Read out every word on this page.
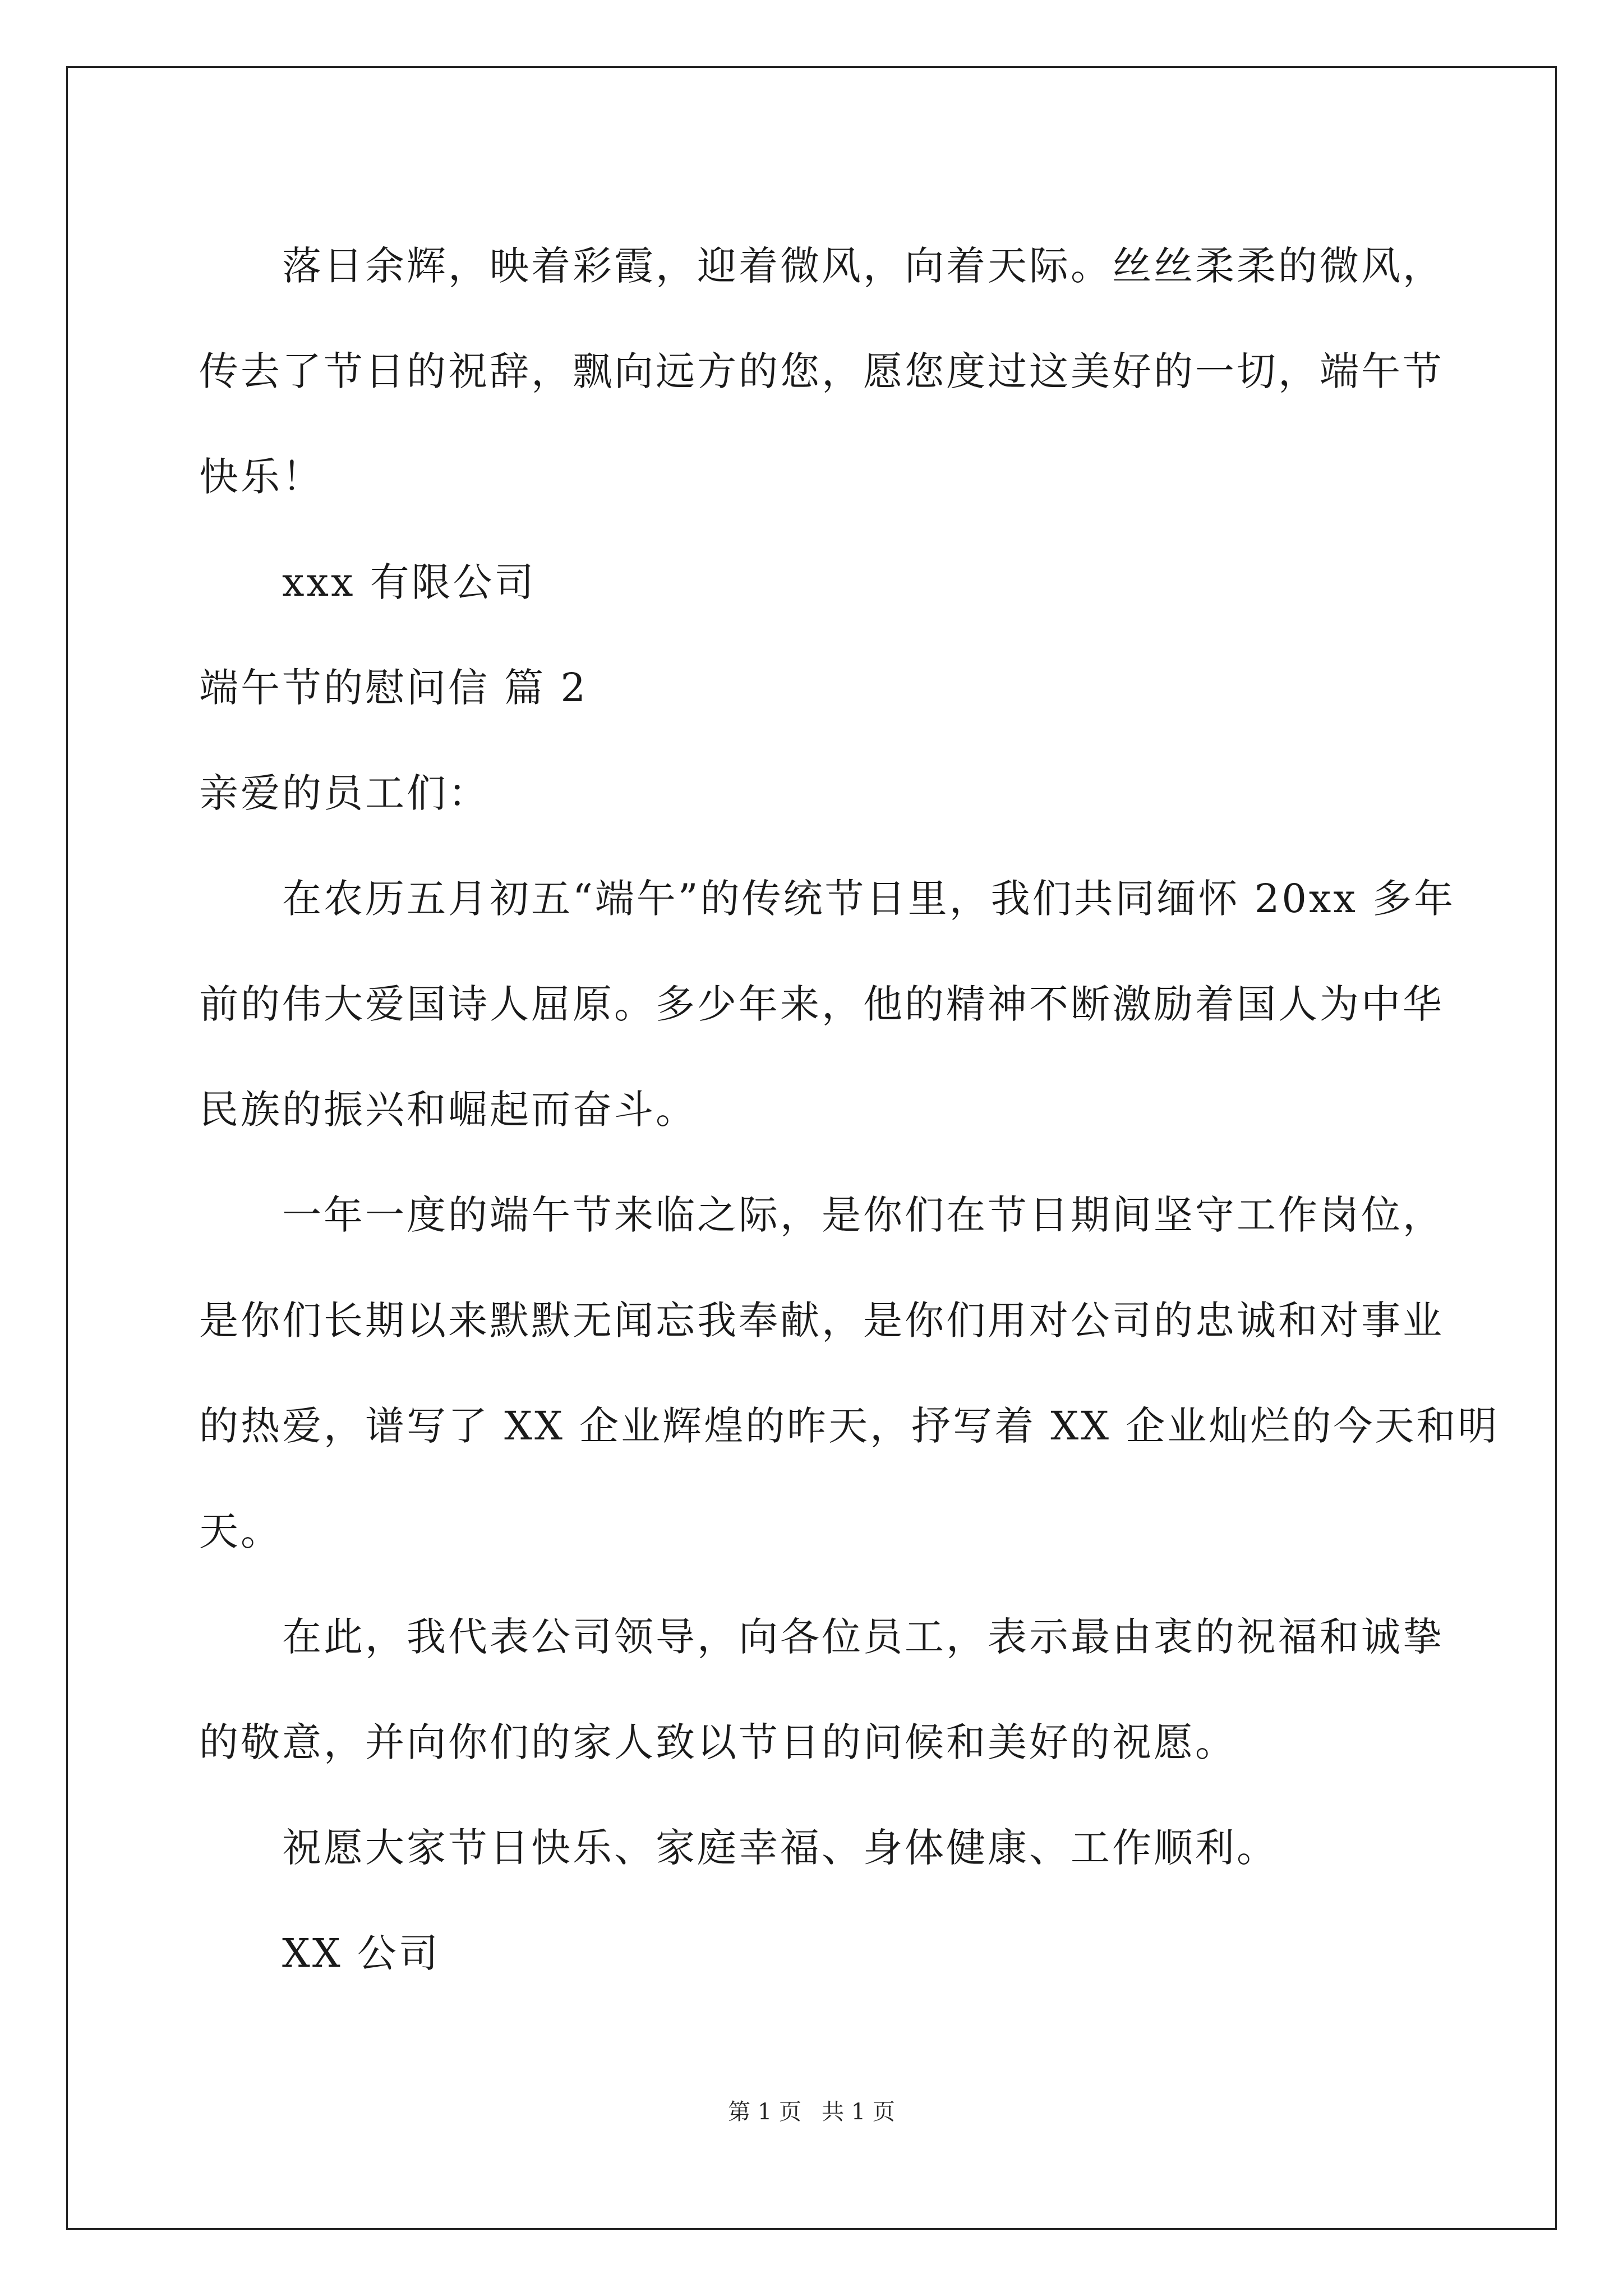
落日余辉，映着彩霞，迎着微风，向着天际。丝丝柔柔的微风，

传去了节日的祝辞，飘向远方的您，愿您度过这美好的一切，端午节

快乐！

xxx 有限公司

端午节的慰问信 篇 2

亲爱的员工们：

在农历五月初五“端午”的传统节日里，我们共同缅怀 20xx 多年

前的伟大爱国诗人屈原。多少年来，他的精神不断激励着国人为中华

民族的振兴和崛起而奋斗。

一年一度的端午节来临之际，是你们在节日期间坚守工作岗位，

是你们长期以来默默无闻忘我奉献，是你们用对公司的忠诚和对事业

的热爱，谱写了 XX 企业辉煌的昨天，抒写着 XX 企业灿烂的今天和明

天。

在此，我代表公司领导，向各位员工，表示最由衷的祝福和诚挚

的敬意，并向你们的家人致以节日的问候和美好的祝愿。

祝愿大家节日快乐、家庭幸福、身体健康、工作顺利。

XX 公司

第 1 页 共 1 页
